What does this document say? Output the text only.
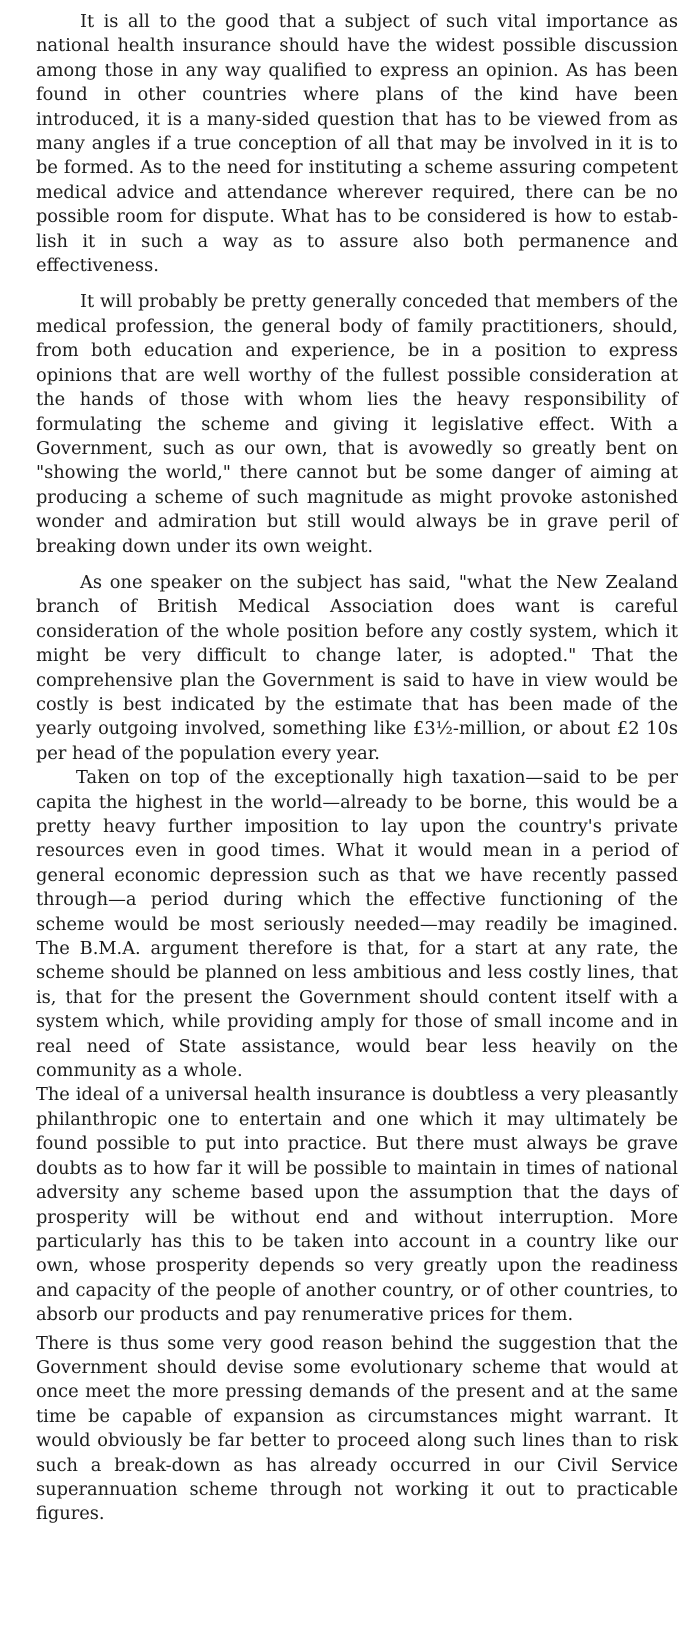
It is all to the good that a subject of such vital importance as national health insurance should have the widest possible discussion among those in any way qualified to express an opinion. As has been found in other countries where plans of the kind have been introduced, it is a many-sided question that has to be viewed from as many angles if a true conception of all that may be involved in it is to be formed. As to the need for instituting a scheme assuring competent medical advice and attendance wherever required, there can be no possible room for dispute. What has to be considered is how to establish it in such a way as to assure also both permanence and effectiveness.

It will probably be pretty generally conceded that members of the medical profession, the general body of family practitioners, should, from both education and experience, be in a position to express opinions that are well worthy of the fullest possible consideration at the hands of those with whom lies the heavy responsibility of formulating the scheme and giving it legislative effect. With a Government, such as our own, that is avowedly so greatly bent on "showing the world," there cannot but be some danger of aiming at producing a scheme of such magnitude as might provoke astonished wonder and admiration but still would always be in grave peril of breaking down under its own weight.

As one speaker on the subject has said, "what the New Zealand branch of British Medical Association does want is careful consideration of the whole position before any costly system, which it might be very difficult to change later, is adopted." That the comprehensive plan the Government is said to have in view would be costly is best indicated by the estimate that has been made of the yearly outgoing involved, something like £3½-million, or about £2 10s per head of the population every year.

Taken on top of the exceptionally high taxation—said to be per capita the highest in the world—already to be borne, this would be a pretty heavy further imposition to lay upon the country's private resources even in good times. What it would mean in a period of general economic depression such as that we have recently passed through—a period during which the effective functioning of the scheme would be most seriously needed—may readily be imagined. The B.M.A. argument therefore is that, for a start at any rate, the scheme should be planned on less ambitious and less costly lines, that is, that for the present the Government should content itself with a system which, while providing amply for those of small income and in real need of State assistance, would bear less heavily on the community as a whole.

The ideal of a universal health insurance is doubtless a very pleasantly philanthropic one to entertain and one which it may ultimately be found possible to put into practice. But there must always be grave doubts as to how far it will be possible to maintain in times of national adversity any scheme based upon the assumption that the days of prosperity will be without end and without interruption. More particularly has this to be taken into account in a country like our own, whose prosperity depends so very greatly upon the readiness and capacity of the people of another country, or of other countries, to absorb our products and pay renumerative prices for them.

There is thus some very good reason behind the suggestion that the Government should devise some evolutionary scheme that would at once meet the more pressing demands of the present and at the same time be capable of expansion as circumstances might warrant. It would obviously be far better to proceed along such lines than to risk such a break-down as has already occurred in our Civil Service superannuation scheme through not working it out to practicable figures.
